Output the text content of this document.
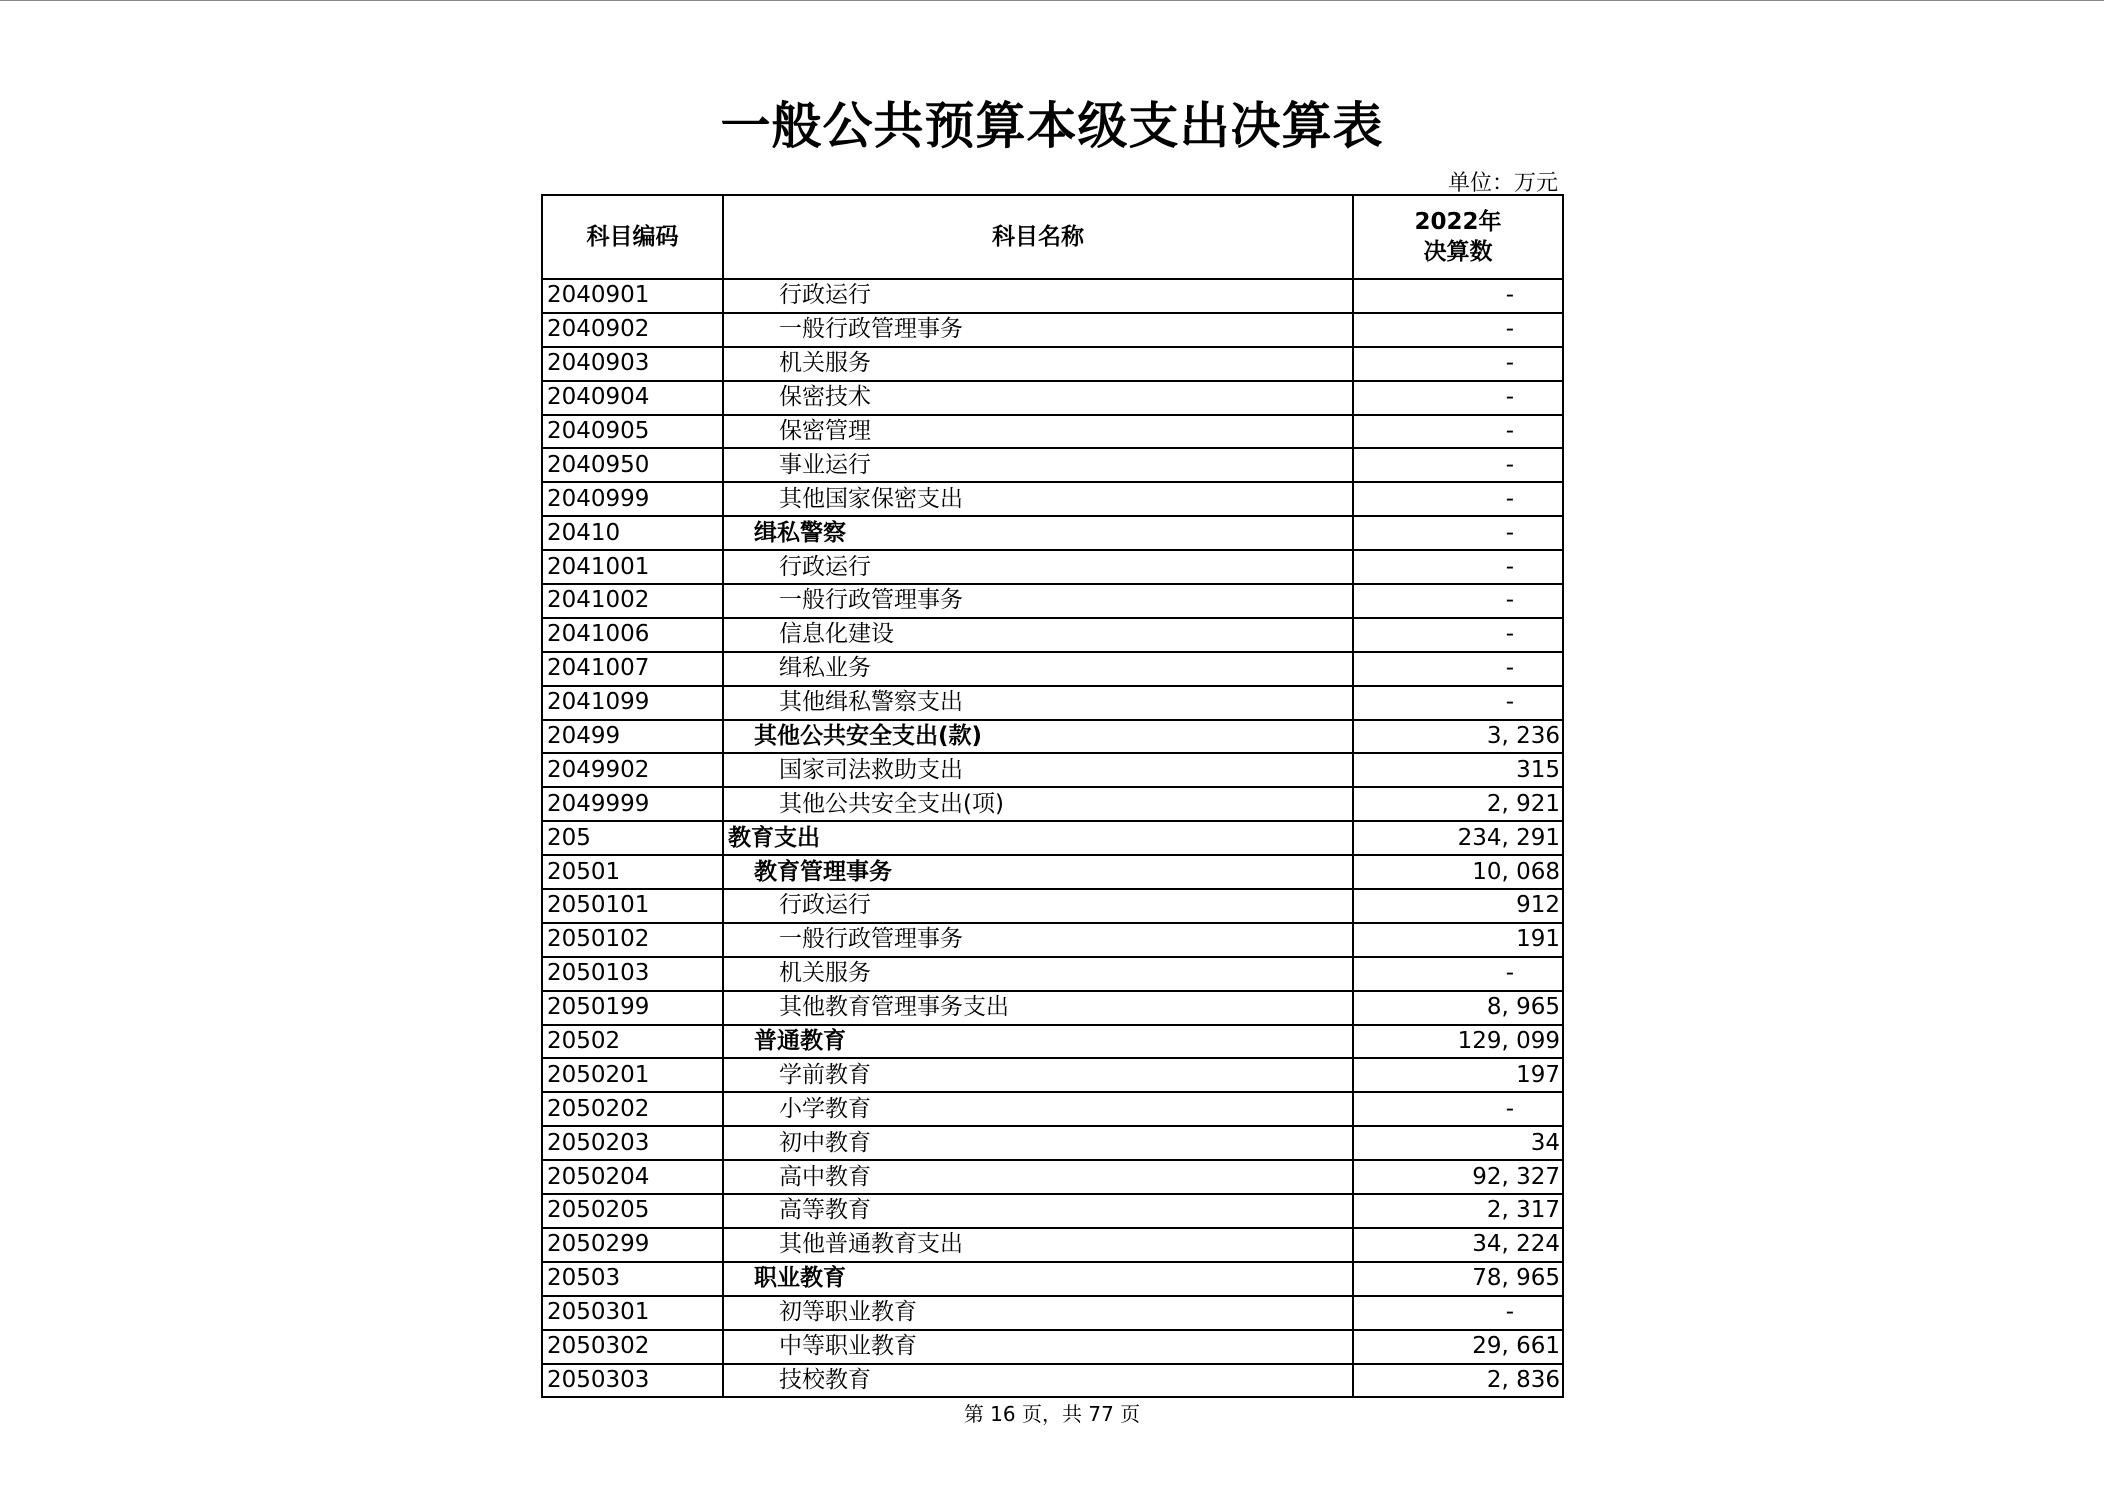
一般公共预算本级支出决算表
单位：万元
科目编码	科目名称	2022年
决算数

2040901	行政运行	-
2040902	一般行政管理事务	-
2040903	机关服务	-
2040904	保密技术	-
2040905	保密管理	-
2040950	事业运行	-
2040999	其他国家保密支出	-
20410	缉私警察	-
2041001	行政运行	-
2041002	一般行政管理事务	-
2041006	信息化建设	-
2041007	缉私业务	-
2041099	其他缉私警察支出	-
20499	其他公共安全支出(款)	3, 236
2049902	国家司法救助支出	315
2049999	其他公共安全支出(项)	2, 921
205	教育支出	234, 291
20501	教育管理事务	10, 068
2050101	行政运行	912
2050102	一般行政管理事务	191
2050103	机关服务	-
2050199	其他教育管理事务支出	8, 965
20502	普通教育	129, 099
2050201	学前教育	197
2050202	小学教育	-
2050203	初中教育	34
2050204	高中教育	92, 327
2050205	高等教育	2, 317
2050299	其他普通教育支出	34, 224
20503	职业教育	78, 965
2050301	初等职业教育	-
2050302	中等职业教育	29, 661
2050303	技校教育	2, 836
第 16 页，共 77 页
